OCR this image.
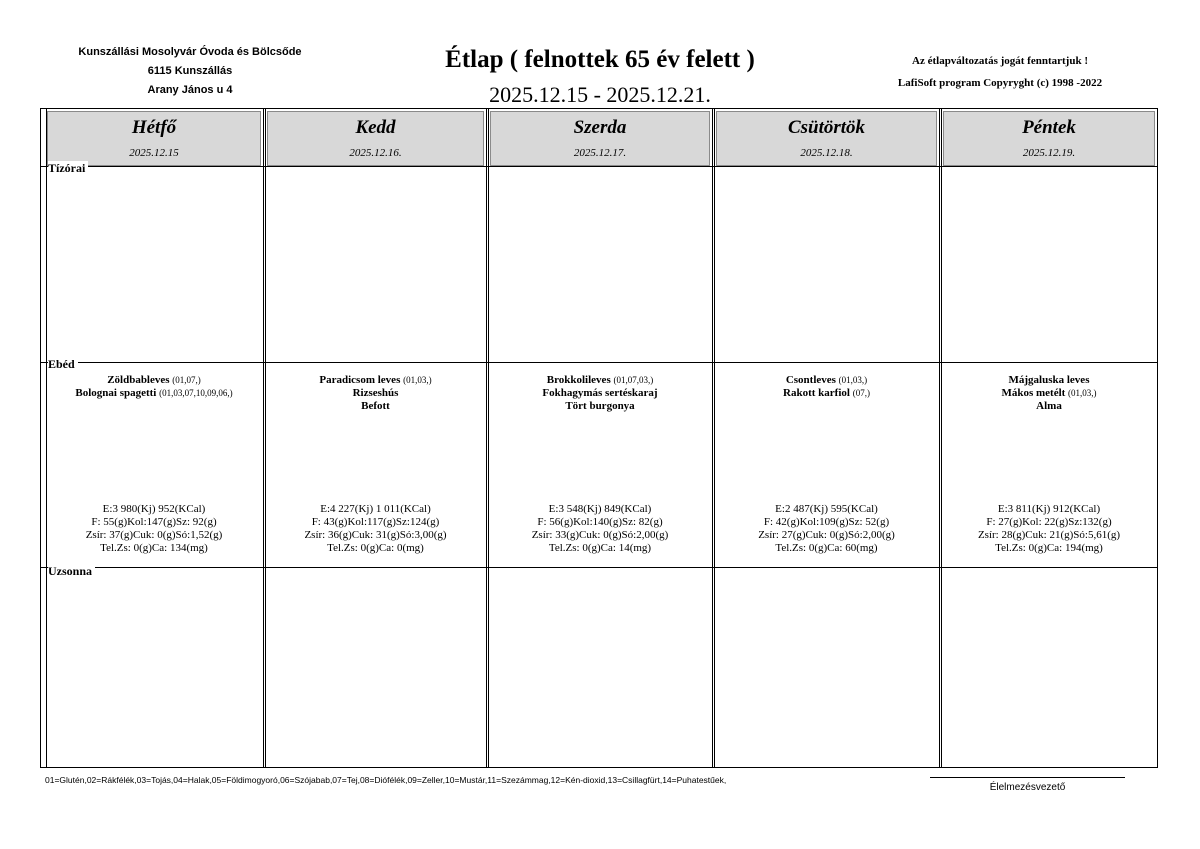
Kunszállási Mosolyvár Óvoda és Bölcsőde
6115 Kunszállás
Arany János u 4
Étlap ( felnottek 65 év felett )
2025.12.15 - 2025.12.21.
Az étlapváltozatás jogát fenntartjuk !
LafiSoft program Copyryght (c) 1998 -2022
Hétfő
2025.12.15
Kedd
2025.12.16.
Szerda
2025.12.17.
Csütörtök
2025.12.18.
Péntek
2025.12.19.
Tízórai
Ebéd
Uzsonna
Zöldbableves (01,07,)
Bolognai spagetti (01,03,07,10,09,06,)
E:3 980(Kj) 952(KCal)
F: 55(g)Kol:147(g)Sz: 92(g)
Zsír: 37(g)Cuk: 0(g)Só:1,52(g)
Tel.Zs: 0(g)Ca: 134(mg)
Paradicsom leves (01,03,)
Rizseshús
Befott
E:4 227(Kj) 1 011(KCal)
F: 43(g)Kol:117(g)Sz:124(g)
Zsír: 36(g)Cuk: 31(g)Só:3,00(g)
Tel.Zs: 0(g)Ca: 0(mg)
Brokkolileves (01,07,03,)
Fokhagymás sertéskaraj
Tört burgonya
E:3 548(Kj) 849(KCal)
F: 56(g)Kol:140(g)Sz: 82(g)
Zsír: 33(g)Cuk: 0(g)Só:2,00(g)
Tel.Zs: 0(g)Ca: 14(mg)
Csontleves (01,03,)
Rakott karfiol (07,)
E:2 487(Kj) 595(KCal)
F: 42(g)Kol:109(g)Sz: 52(g)
Zsír: 27(g)Cuk: 0(g)Só:2,00(g)
Tel.Zs: 0(g)Ca: 60(mg)
Májgaluska leves
Mákos metélt (01,03,)
Alma
E:3 811(Kj) 912(KCal)
F: 27(g)Kol: 22(g)Sz:132(g)
Zsír: 28(g)Cuk: 21(g)Só:5,61(g)
Tel.Zs: 0(g)Ca: 194(mg)
01=Glutén,02=Rákfélék,03=Tojás,04=Halak,05=Földimogyoró,06=Szójabab,07=Tej,08=Diófélék,09=Zeller,10=Mustár,11=Szezámmag,12=Kén-dioxid,13=Csillagfürt,14=Puhatestűek,
Élelmezésvezető
